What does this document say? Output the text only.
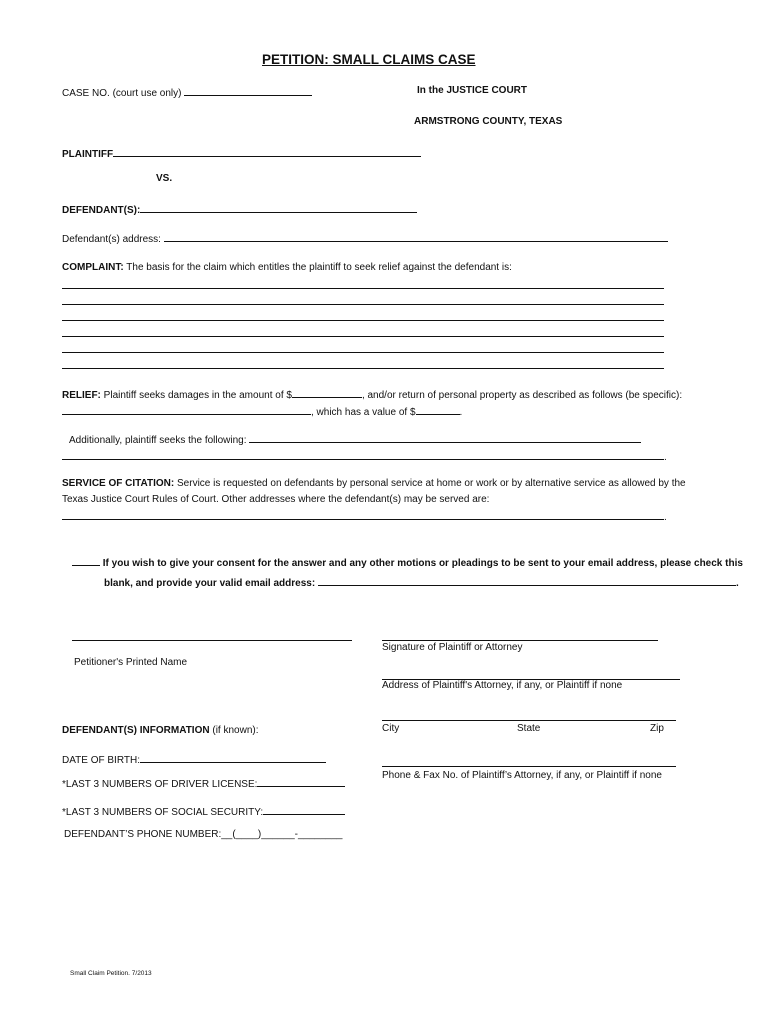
PETITION: SMALL CLAIMS CASE
CASE NO. (court use only)	In the JUSTICE COURT
ARMSTRONG COUNTY, TEXAS
PLAINTIFF
VS.
DEFENDANT(S):
Defendant(s) address:
COMPLAINT: The basis for the claim which entitles the plaintiff to seek relief against the defendant is:
RELIEF: Plaintiff seeks damages in the amount of $	, and/or return of personal property as described as follows (be specific):
, which has a value of $	.
Additionally, plaintiff seeks the following:
.
SERVICE OF CITATION: Service is requested on defendants by personal service at home or work or by alternative service as allowed by the
Texas Justice Court Rules of Court. Other addresses where the defendant(s) may be served are:
.
If you wish to give your consent for the answer and any other motions or pleadings to be sent to your email address, please check this
blank, and provide your valid email address:	.
Signature of Plaintiff or Attorney
Petitioner's Printed Name
Address of Plaintiff's Attorney, if any, or Plaintiff if none
City	State	Zip
Phone & Fax No. of Plaintiff’s Attorney, if any, or Plaintiff if none
DEFENDANT(S) INFORMATION (if known):
DATE OF BIRTH:
*LAST 3 NUMBERS OF DRIVER LICENSE:
*LAST 3 NUMBERS OF SOCIAL SECURITY:
DEFENDANT’S PHONE NUMBER:__(____)______-________
Small Claim Petition. 7/2013
